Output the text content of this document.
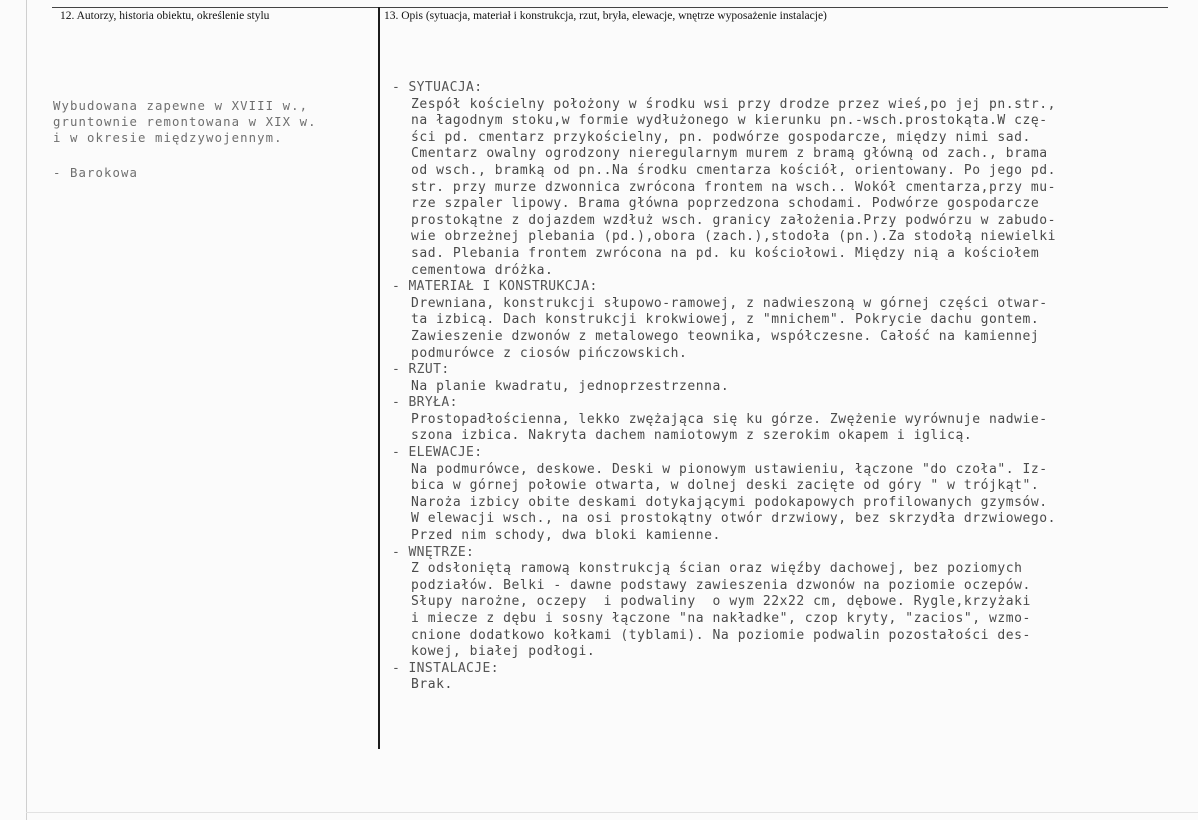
12. Autorzy, historia obiektu, określenie stylu	13. Opis (sytuacja, materiał i konstrukcja, rzut, bryła, elewacje, wnętrze wyposażenie instalacje)
Wybudowana zapewne w XVIII w.,
gruntownie remontowana w XIX w.
i w okresie międzywojennym.
- Barokowa
- SYTUACJA:
Zespół kościelny położony w środku wsi przy drodze przez wieś,po jej pn.str.,
na łagodnym stoku,w formie wydłużonego w kierunku pn.-wsch.prostokąta.W czę-
ści pd. cmentarz przykościelny, pn. podwórze gospodarcze, między nimi sad.
Cmentarz owalny ogrodzony nieregularnym murem z bramą główną od zach., brama
od wsch., bramką od pn..Na środku cmentarza kościół, orientowany. Po jego pd.
str. przy murze dzwonnica zwrócona frontem na wsch.. Wokół cmentarza,przy mu-
rze szpaler lipowy. Brama główna poprzedzona schodami. Podwórze gospodarcze
prostokątne z dojazdem wzdłuż wsch. granicy założenia.Przy podwórzu w zabudo-
wie obrzeżnej plebania (pd.),obora (zach.),stodoła (pn.).Za stodołą niewielki
sad. Plebania frontem zwrócona na pd. ku kościołowi. Między nią a kościołem
cementowa dróżka.
- MATERIAŁ I KONSTRUKCJA:
Drewniana, konstrukcji słupowo-ramowej, z nadwieszoną w górnej części otwar-
ta izbicą. Dach konstrukcji krokwiowej, z "mnichem". Pokrycie dachu gontem.
Zawieszenie dzwonów z metalowego teownika, współczesne. Całość na kamiennej
podmurówce z ciosów pińczowskich.
- RZUT:
Na planie kwadratu, jednoprzestrzenna.
- BRYŁA:
Prostopadłościenna, lekko zwężająca się ku górze. Zwężenie wyrównuje nadwie-
szona izbica. Nakryta dachem namiotowym z szerokim okapem i iglicą.
- ELEWACJE:
Na podmurówce, deskowe. Deski w pionowym ustawieniu, łączone "do czoła". Iz-
bica w górnej połowie otwarta, w dolnej deski zacięte od góry " w trójkąt".
Naroża izbicy obite deskami dotykającymi podokapowych profilowanych gzymsów.
W elewacji wsch., na osi prostokątny otwór drzwiowy, bez skrzydła drzwiowego.
Przed nim schody, dwa bloki kamienne.
- WNĘTRZE:
Z odsłoniętą ramową konstrukcją ścian oraz więźby dachowej, bez poziomych
podziałów. Belki - dawne podstawy zawieszenia dzwonów na poziomie oczepów.
Słupy narożne, oczepy  i podwaliny  o wym 22x22 cm, dębowe. Rygle,krzyżaki
i miecze z dębu i sosny łączone "na nakładke", czop kryty, "zacios", wzmo-
cnione dodatkowo kołkami (tyblami). Na poziomie podwalin pozostałości des-
kowej, białej podłogi.
- INSTALACJE:
Brak.
